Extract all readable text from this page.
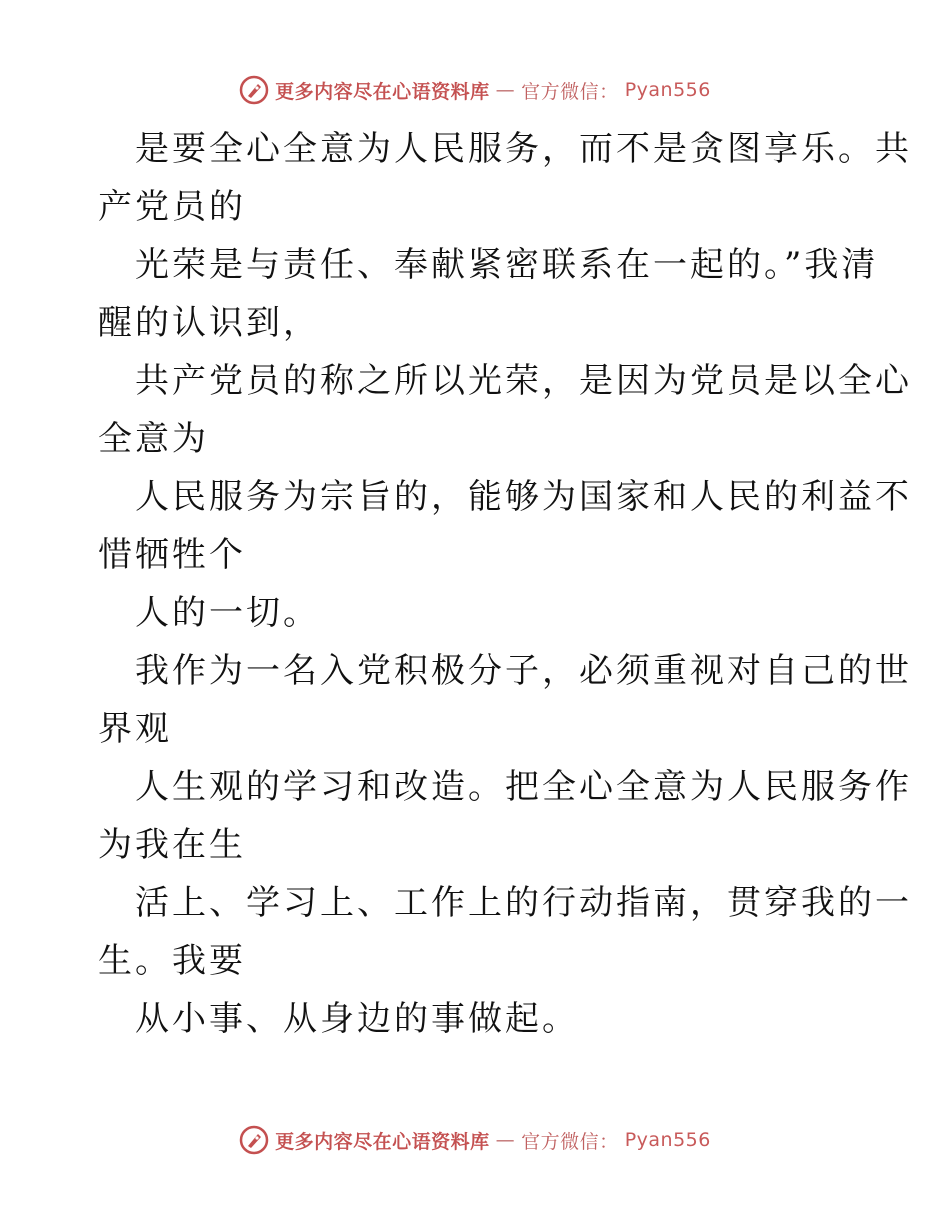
更多内容尽在心语资料库 — 官方微信： Pyan556
是要全心全意为人民服务，而不是贪图享乐。共
产党员的
光荣是与责任、奉献紧密联系在一起的。”我清
醒的认识到，
共产党员的称之所以光荣，是因为党员是以全心
全意为
人民服务为宗旨的，能够为国家和人民的利益不
惜牺牲个
人的一切。
我作为一名入党积极分子，必须重视对自己的世
界观
人生观的学习和改造。把全心全意为人民服务作
为我在生
活上、学习上、工作上的行动指南，贯穿我的一
生。我要
从小事、从身边的事做起。
更多内容尽在心语资料库 — 官方微信： Pyan556
